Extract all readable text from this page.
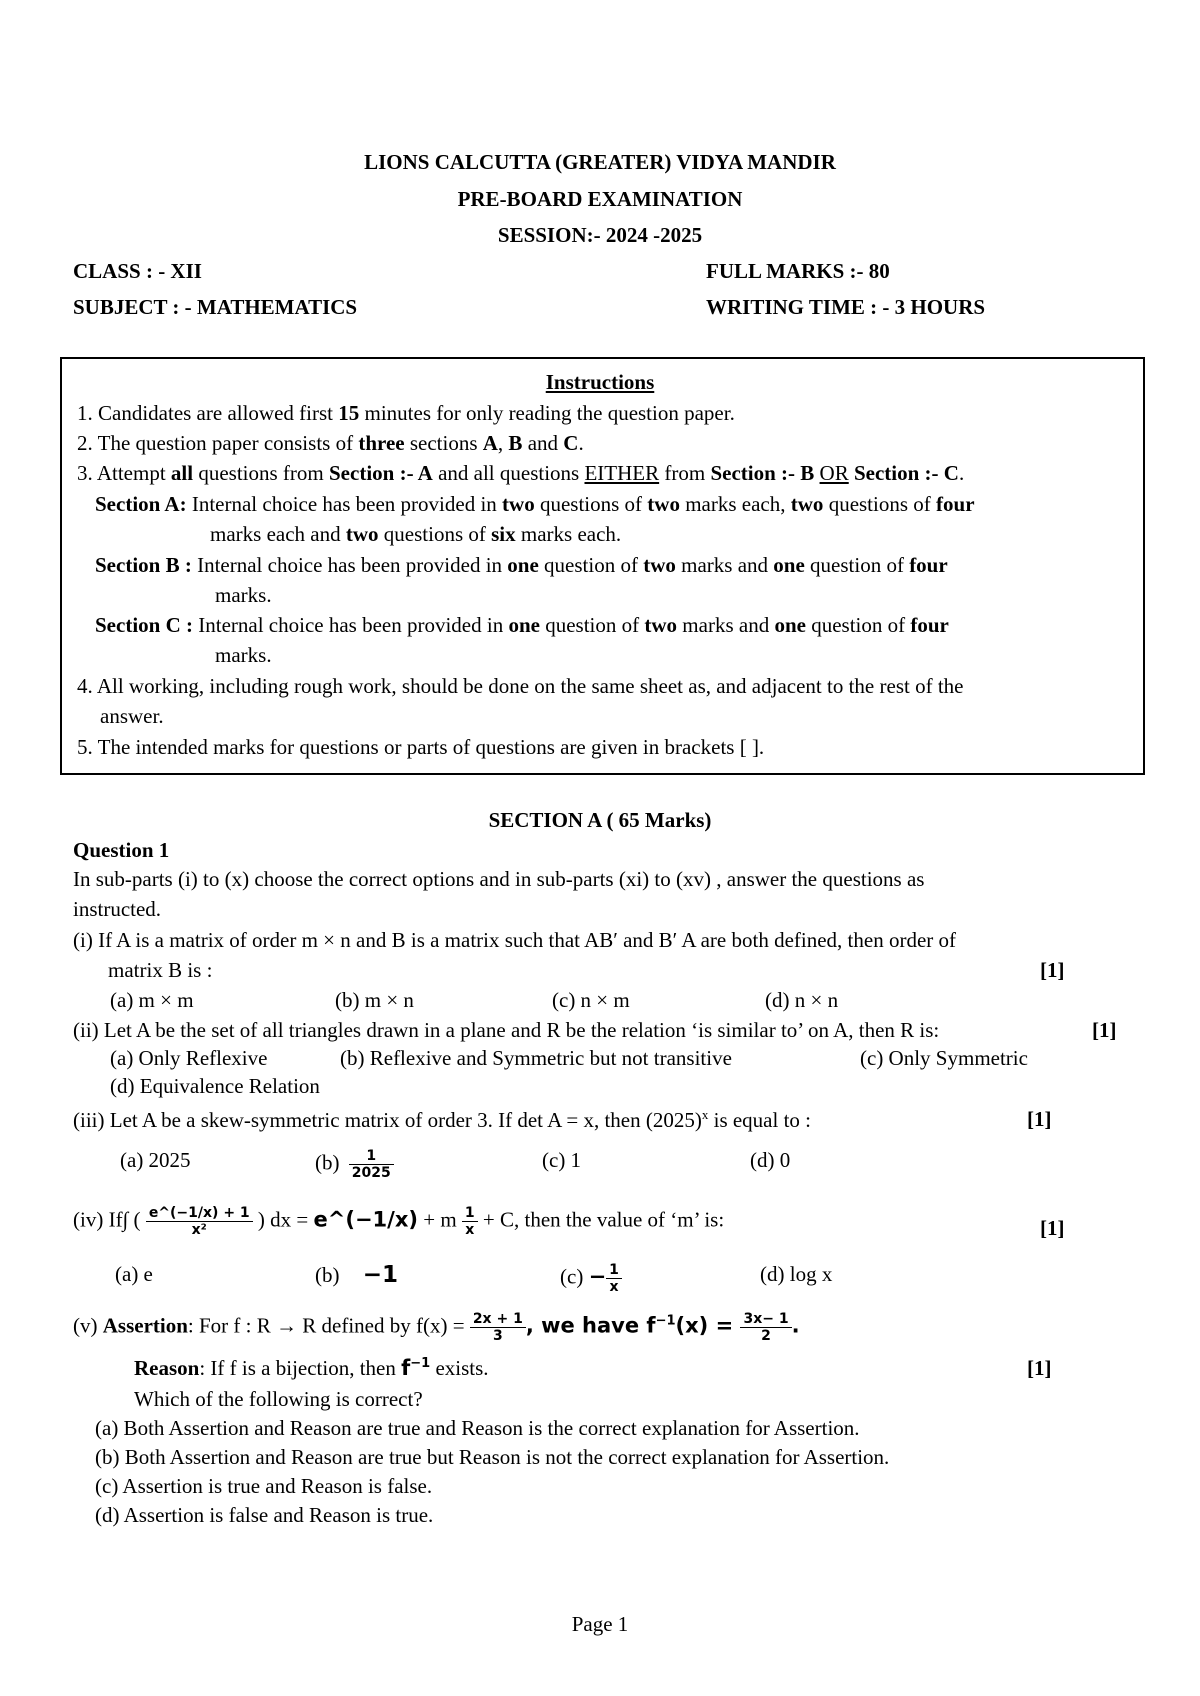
LIONS CALCUTTA (GREATER) VIDYA MANDIR
PRE-BOARD EXAMINATION
SESSION:- 2024 -2025
CLASS : - XII	FULL MARKS :- 80
SUBJECT : - MATHEMATICS	WRITING TIME : - 3 HOURS
Instructions
1. Candidates are allowed first 15 minutes for only reading the question paper.
2. The question paper consists of three sections A, B and C.
3. Attempt all questions from Section :- A and all questions EITHER from Section :- B OR Section :- C.
Section A: Internal choice has been provided in two questions of two marks each, two questions of four
marks each and two questions of six marks each.
Section B : Internal choice has been provided in one question of two marks and one question of four
marks.
Section C : Internal choice has been provided in one question of two marks and one question of four
marks.
4. All working, including rough work, should be done on the same sheet as, and adjacent to the rest of the
answer.
5. The intended marks for questions or parts of questions are given in brackets [ ].
SECTION A ( 65 Marks)
Question 1
In sub-parts (i) to (x) choose the correct options and in sub-parts (xi) to (xv) , answer the questions as
instructed.
(i) If A is a matrix of order m × n and B is a matrix such that AB′ and B′ A are both defined, then order of
matrix B is :	[1]
(a) m × m	(b) m × n	(c) n × m	(d) n × n
(ii) Let A be the set of all triangles drawn in a plane and R be the relation ‘is similar to’ on A, then R is:	[1]
(a) Only Reflexive	(b) Reflexive and Symmetric but not transitive	(c) Only Symmetric
(d) Equivalence Relation
(iii) Let A be a skew-symmetric matrix of order 3. If det A = x, then $(2025)^x$ is equal to :	[1]
(a) 2025	$(b) \frac{1}{2025}$	(c) 1	(d) 0
(iv) If∫ ( $\frac{e\^{}(-1/x) + 1}{\text{x²}}$ ) dx = e^(−1/x) + m $\frac{1}{x} + C$, then the value of ‘m’ is:	[1]
(a) e	(b) −1	$(c) - \frac{1}{x}$	(d) log x
(v) Assertion: For f : R → R defined by $f(x) = \frac{2x + 1}{3}$ , we have $f^{-1}(x) = \frac{3x- 1}{2}$ .
Reason: If f is a bijection, then $f^{-1}$ exists.	[1]
Which of the following is correct?
(a) Both Assertion and Reason are true and Reason is the correct explanation for Assertion.
(b) Both Assertion and Reason are true but Reason is not the correct explanation for Assertion.
(c) Assertion is true and Reason is false.
(d) Assertion is false and Reason is true.
Page 1
